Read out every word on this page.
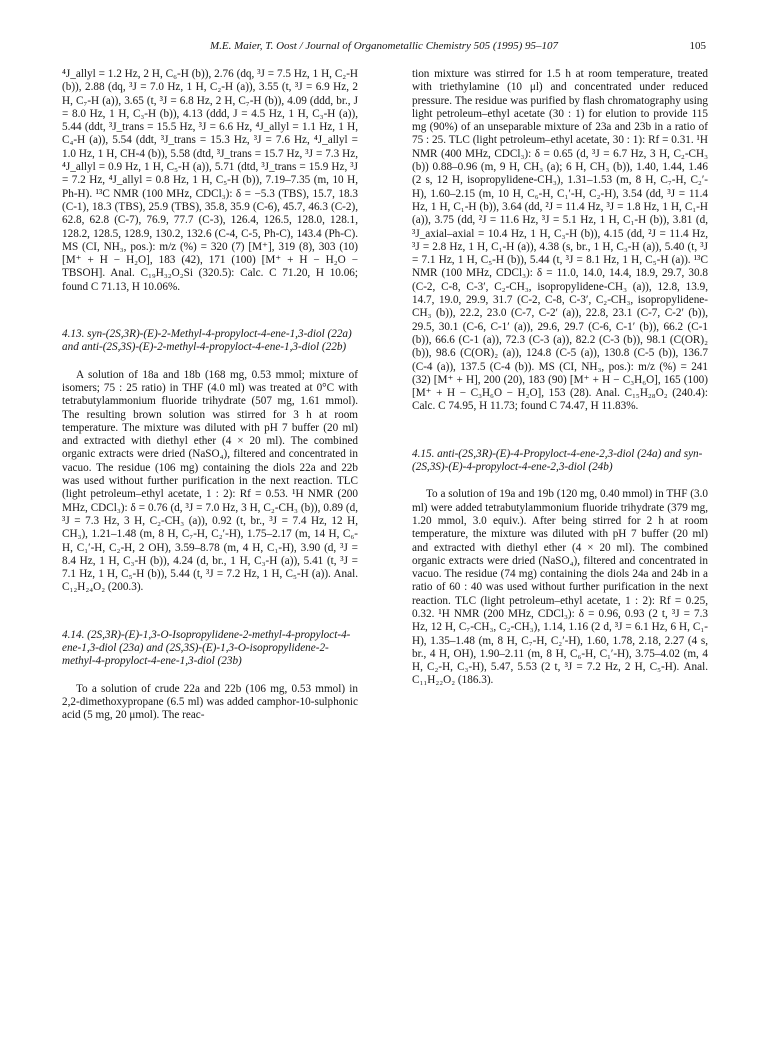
M.E. Maier, T. Oost / Journal of Organometallic Chemistry 505 (1995) 95–107	105

⁴J_allyl = 1.2 Hz, 2 H, C₆-H (b)), 2.76 (dq, ³J = 7.5 Hz, 1 H, C₂-H (b)), 2.88 (dq, ³J = 7.0 Hz, 1 H, C₂-H (a)), 3.55 (t, ³J = 6.9 Hz, 2 H, C₇-H (a)), 3.65 (t, ³J = 6.8 Hz, 2 H, C₇-H (b)), 4.09 (ddd, br., J = 8.0 Hz, 1 H, C₃-H (b)), 4.13 (ddd, J = 4.5 Hz, 1 H, C₃-H (a)), 5.44 (ddt, ³J_trans = 15.5 Hz, ³J = 6.6 Hz, ⁴J_allyl = 1.1 Hz, 1 H, C₄-H (a)), 5.54 (ddt, ³J_trans = 15.3 Hz, ³J = 7.6 Hz, ⁴J_allyl = 1.0 Hz, 1 H, CH-4 (b)), 5.58 (dtd, ³J_trans = 15.7 Hz, ³J = 7.3 Hz, ⁴J_allyl = 0.9 Hz, 1 H, C₅-H (a)), 5.71 (dtd, ³J_trans = 15.9 Hz, ³J = 7.2 Hz, ⁴J_allyl = 0.8 Hz, 1 H, C₅-H (b)), 7.19–7.35 (m, 10 H, Ph-H). ¹³C NMR (100 MHz, CDCl₃): δ = −5.3 (TBS), 15.7, 18.3 (C-1), 18.3 (TBS), 25.9 (TBS), 35.8, 35.9 (C-6), 45.7, 46.3 (C-2), 62.8, 62.8 (C-7), 76.9, 77.7 (C-3), 126.4, 126.5, 128.0, 128.1, 128.2, 128.5, 128.9, 130.2, 132.6 (C-4, C-5, Ph-C), 143.4 (Ph-C). MS (CI, NH₃, pos.): m/z (%) = 320 (7) [M⁺], 319 (8), 303 (10) [M⁺ + H − H₂O], 183 (42), 171 (100) [M⁺ + H − H₂O − TBSOH]. Anal. C₁₉H₃₂O₂Si (320.5): Calc. C 71.20, H 10.06; found C 71.13, H 10.06%.

4.13. syn-(2S,3R)-(E)-2-Methyl-4-propyloct-4-ene-1,3-diol (22a) and anti-(2S,3S)-(E)-2-methyl-4-propyloct-4-ene-1,3-diol (22b)

A solution of 18a and 18b (168 mg, 0.53 mmol; mixture of isomers; 75 : 25 ratio) in THF (4.0 ml) was treated at 0°C with tetrabutylammonium fluoride trihydrate (507 mg, 1.61 mmol). The resulting brown solution was stirred for 3 h at room temperature. The mixture was diluted with pH 7 buffer (20 ml) and extracted with diethyl ether (4 × 20 ml). The combined organic extracts were dried (NaSO₄), filtered and concentrated in vacuo. The residue (106 mg) containing the diols 22a and 22b was used without further purification in the next reaction. TLC (light petroleum–ethyl acetate, 1 : 2): Rf = 0.53. ¹H NMR (200 MHz, CDCl₃): δ = 0.76 (d, ³J = 7.0 Hz, 3 H, C₂-CH₃ (b)), 0.89 (d, ³J = 7.3 Hz, 3 H, C₂-CH₃ (a)), 0.92 (t, br., ³J = 7.4 Hz, 12 H, CH₃), 1.21–1.48 (m, 8 H, C₇-H, C₂′-H), 1.75–2.17 (m, 14 H, C₆-H, C₁′-H, C₂-H, 2 OH), 3.59–8.78 (m, 4 H, C₁-H), 3.90 (d, ³J = 8.4 Hz, 1 H, C₃-H (b)), 4.24 (d, br., 1 H, C₃-H (a)), 5.41 (t, ³J = 7.1 Hz, 1 H, C₅-H (b)), 5.44 (t, ³J = 7.2 Hz, 1 H, C₅-H (a)). Anal. C₁₂H₂₄O₂ (200.3).

4.14. (2S,3R)-(E)-1,3-O-Isopropylidene-2-methyl-4-propyloct-4-ene-1,3-diol (23a) and (2S,3S)-(E)-1,3-O-isopropylidene-2-methyl-4-propyloct-4-ene-1,3-diol (23b)

To a solution of crude 22a and 22b (106 mg, 0.53 mmol) in 2,2-dimethoxypropane (6.5 ml) was added camphor-10-sulphonic acid (5 mg, 20 μmol). The reac-

tion mixture was stirred for 1.5 h at room temperature, treated with triethylamine (10 μl) and concentrated under reduced pressure. The residue was purified by flash chromatography using light petroleum–ethyl acetate (30 : 1) for elution to provide 115 mg (90%) of an unseparable mixture of 23a and 23b in a ratio of 75 : 25. TLC (light petroleum–ethyl acetate, 30 : 1): Rf = 0.31. ¹H NMR (400 MHz, CDCl₃): δ = 0.65 (d, ³J = 6.7 Hz, 3 H, C₂-CH₃ (b)) 0.88–0.96 (m, 9 H, CH₃ (a); 6 H, CH₃ (b)), 1.40, 1.44, 1.46 (2 s, 12 H, isopropylidene-CH₃), 1.31–1.53 (m, 8 H, C₇-H, C₂′-H), 1.60–2.15 (m, 10 H, C₆-H, C₁′-H, C₂-H), 3.54 (dd, ³J = 11.4 Hz, 1 H, C₁-H (b)), 3.64 (dd, ²J = 11.4 Hz, ³J = 1.8 Hz, 1 H, C₁-H (a)), 3.75 (dd, ²J = 11.6 Hz, ³J = 5.1 Hz, 1 H, C₁-H (b)), 3.81 (d, ³J_axial–axial = 10.4 Hz, 1 H, C₃-H (b)), 4.15 (dd, ²J = 11.4 Hz, ³J = 2.8 Hz, 1 H, C₁-H (a)), 4.38 (s, br., 1 H, C₃-H (a)), 5.40 (t, ³J = 7.1 Hz, 1 H, C₅-H (b)), 5.44 (t, ³J = 8.1 Hz, 1 H, C₅-H (a)). ¹³C NMR (100 MHz, CDCl₃): δ = 11.0, 14.0, 14.4, 18.9, 29.7, 30.8 (C-2, C-8, C-3′, C₂-CH₃, isopropylidene-CH₃ (a)), 12.8, 13.9, 14.7, 19.0, 29.9, 31.7 (C-2, C-8, C-3′, C₂-CH₃, isopropylidene-CH₃ (b)), 22.2, 23.0 (C-7, C-2′ (a)), 22.8, 23.1 (C-7, C-2′ (b)), 29.5, 30.1 (C-6, C-1′ (a)), 29.6, 29.7 (C-6, C-1′ (b)), 66.2 (C-1 (b)), 66.6 (C-1 (a)), 72.3 (C-3 (a)), 82.2 (C-3 (b)), 98.1 (C(OR)₂ (b)), 98.6 (C(OR)₂ (a)), 124.8 (C-5 (a)), 130.8 (C-5 (b)), 136.7 (C-4 (a)), 137.5 (C-4 (b)). MS (CI, NH₃, pos.): m/z (%) = 241 (32) [M⁺ + H], 200 (20), 183 (90) [M⁺ + H − C₃H₆O], 165 (100) [M⁺ + H − C₃H₆O − H₂O], 153 (28). Anal. C₁₅H₂₈O₂ (240.4): Calc. C 74.95, H 11.73; found C 74.47, H 11.83%.

4.15. anti-(2S,3R)-(E)-4-Propyloct-4-ene-2,3-diol (24a) and syn-(2S,3S)-(E)-4-propyloct-4-ene-2,3-diol (24b)

To a solution of 19a and 19b (120 mg, 0.40 mmol) in THF (3.0 ml) were added tetrabutylammonium fluoride trihydrate (379 mg, 1.20 mmol, 3.0 equiv.). After being stirred for 2 h at room temperature, the mixture was diluted with pH 7 buffer (20 ml) and extracted with diethyl ether (4 × 20 ml). The combined organic extracts were dried (NaSO₄), filtered and concentrated in vacuo. The residue (74 mg) containing the diols 24a and 24b in a ratio of 60 : 40 was used without further purification in the next reaction. TLC (light petroleum–ethyl acetate, 1 : 2): Rf = 0.25, 0.32. ¹H NMR (200 MHz, CDCl₃): δ = 0.96, 0.93 (2 t, ³J = 7.3 Hz, 12 H, C₇-CH₃, C₂-CH₃), 1.14, 1.16 (2 d, ³J = 6.1 Hz, 6 H, C₁-H), 1.35–1.48 (m, 8 H, C₇-H, C₂′-H), 1.60, 1.78, 2.18, 2.27 (4 s, br., 4 H, OH), 1.90–2.11 (m, 8 H, C₆-H, C₁′-H), 3.75–4.02 (m, 4 H, C₂-H, C₃-H), 5.47, 5.53 (2 t, ³J = 7.2 Hz, 2 H, C₅-H). Anal. C₁₁H₂₂O₂ (186.3).
